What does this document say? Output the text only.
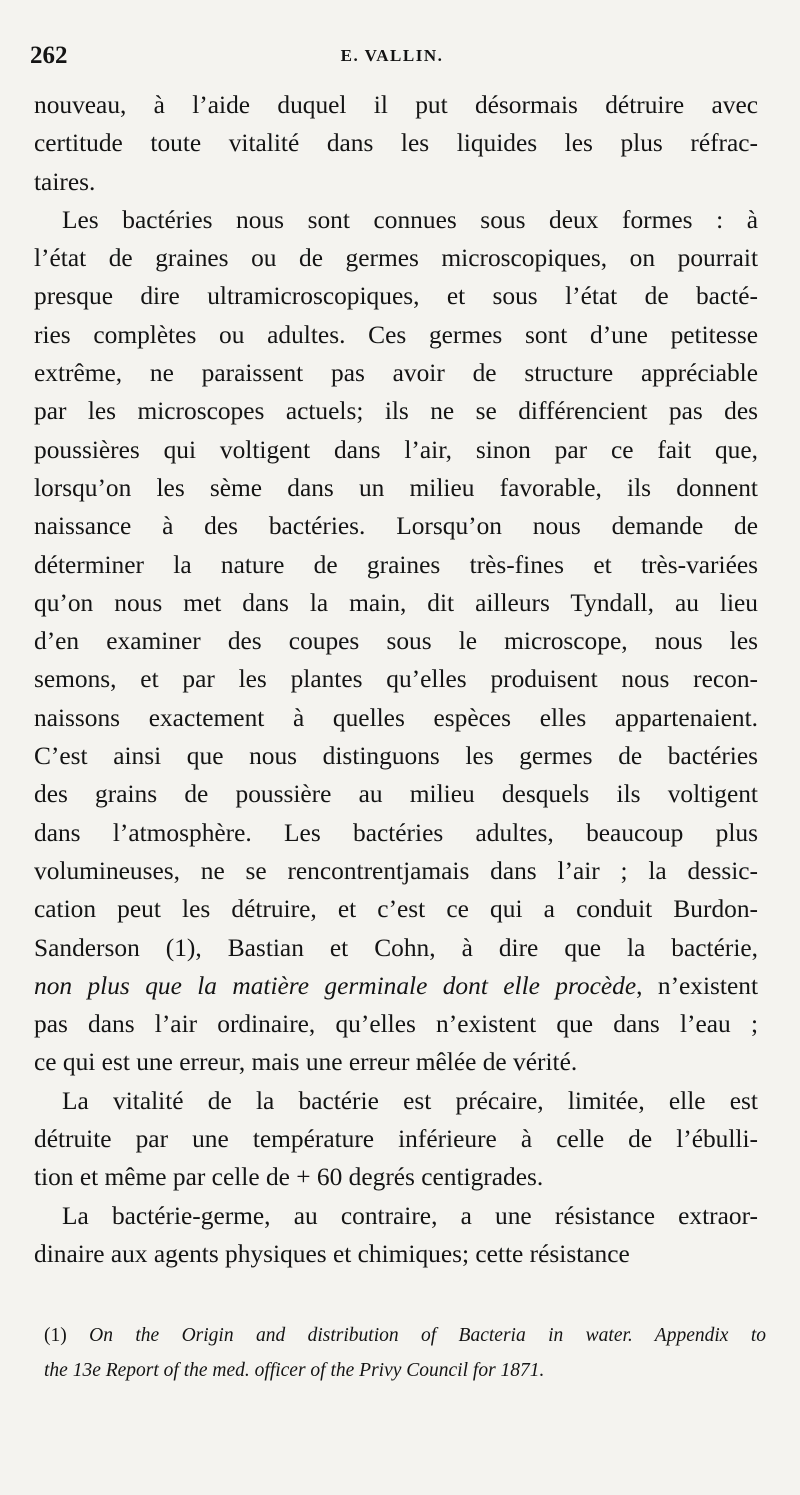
262	E. VALLIN.

nouveau, à l’aide duquel il put désormais détruire avec
certitude toute vitalité dans les liquides les plus réfrac-
taires.

Les bactéries nous sont connues sous deux formes : à
l’état de graines ou de germes microscopiques, on pourrait
presque dire ultramicroscopiques, et sous l’état de bacté-
ries complètes ou adultes. Ces germes sont d’une petitesse
extrême, ne paraissent pas avoir de structure appréciable
par les microscopes actuels; ils ne se différencient pas des
poussières qui voltigent dans l’air, sinon par ce fait que,
lorsqu’on les sème dans un milieu favorable, ils donnent
naissance à des bactéries. Lorsqu’on nous demande de
déterminer la nature de graines très-fines et très-variées
qu’on nous met dans la main, dit ailleurs Tyndall, au lieu
d’en examiner des coupes sous le microscope, nous les
semons, et par les plantes qu’elles produisent nous recon-
naissons exactement à quelles espèces elles appartenaient.
C’est ainsi que nous distinguons les germes de bactéries
des grains de poussière au milieu desquels ils voltigent
dans l’atmosphère. Les bactéries adultes, beaucoup plus
volumineuses, ne se rencontrentjamais dans l’air ; la dessic-
cation peut les détruire, et c’est ce qui a conduit Burdon-
Sanderson (1), Bastian et Cohn, à dire que la bactérie,
non plus que la matière germinale dont elle procède, n’existent
pas dans l’air ordinaire, qu’elles n’existent que dans l’eau ;
ce qui est une erreur, mais une erreur mêlée de vérité.

La vitalité de la bactérie est précaire, limitée, elle est
détruite par une température inférieure à celle de l’ébulli-
tion et même par celle de + 60 degrés centigrades.

La bactérie-germe, au contraire, a une résistance extraor-
dinaire aux agents physiques et chimiques; cette résistance

(1) On the Origin and distribution of Bacteria in water. Appendix to
the 13e Report of the med. officer of the Privy Council for 1871.
